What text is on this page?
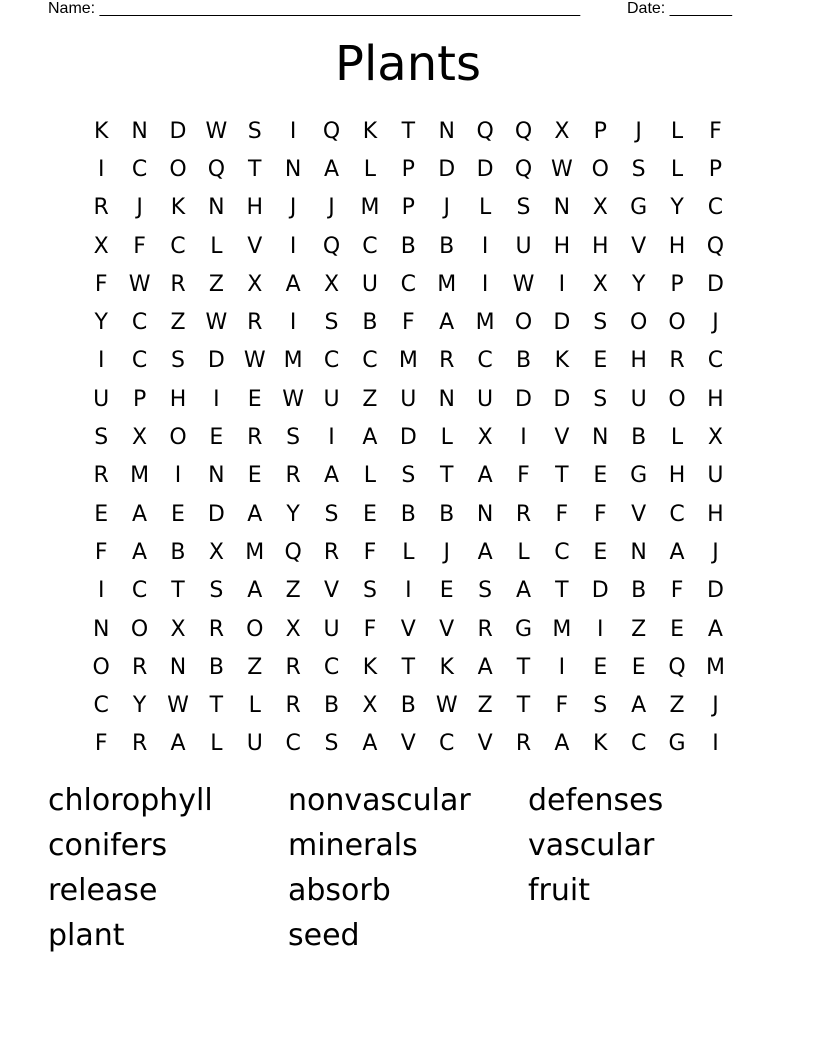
Name: ______________________________________________________	Date: _______
Plants
K	N D W S	I	Q	K	T	N Q Q	X	P	J	L	F
I	C	O Q	T	N	A	L	P	D D Q W O	S	L	P
R	J	K	N H	J	J	M	P	J	L	S	N	X	G	Y	C
X	F	C	L	V	I	Q	C	B	B	I	U	H H	V	H Q
F W R	Z	X	A	X	U	C M	I	W	I	X	Y	P	D
Y	C	Z W R	I	S	B	F	A M O D	S	O O	J
I	C	S	D W M C	C M R	C	B	K	E	H	R	C
U	P	H	I	E W U	Z	U	N	U D D	S	U O H
S	X	O	E	R	S	I	A	D	L	X	I	V	N	B	L	X
R M	I	N	E	R	A	L	S	T	A	F	T	E	G H	U
E	A	E	D	A	Y	S	E	B	B	N	R	F	F	V	C	H
F	A	B	X M Q	R	F	L	J	A	L	C	E	N	A	J
I	C	T	S	A	Z	V	S	I	E	S	A	T	D	B	F	D
N O	X	R	O	X	U	F	V	V	R	G M	I	Z	E	A
O	R	N	B	Z	R	C	K	T	K	A	T	I	E	E	Q M
C	Y W T	L	R	B	X	B W Z	T	F	S	A	Z	J
F	R	A	L	U	C	S	A	V	C	V	R	A	K	C	G	I
chlorophyll	nonvascular	defenses
conifers	minerals	vascular
release	absorb	fruit
plant	seed
